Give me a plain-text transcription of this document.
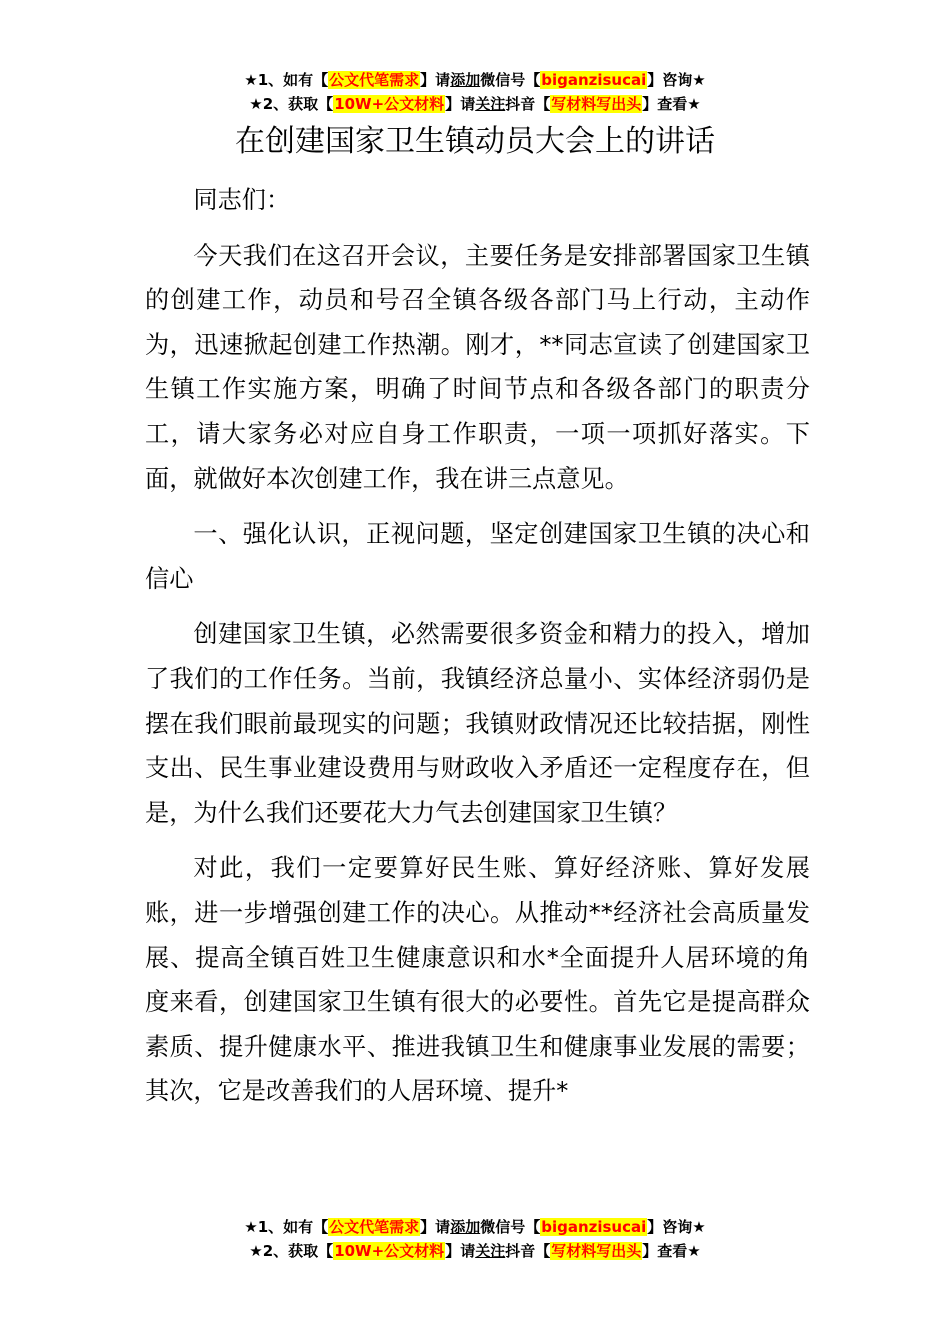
★1、如有【公文代笔需求】请添加微信号【biganzisucai】咨询★
★2、获取【10W+公文材料】请关注抖音【写材料写出头】查看★
在创建国家卫生镇动员大会上的讲话

同志们：

今天我们在这召开会议，主要任务是安排部署国家卫生镇的创建工作，动员和号召全镇各级各部门马上行动，主动作为，迅速掀起创建工作热潮。刚才，**同志宣读了创建国家卫生镇工作实施方案，明确了时间节点和各级各部门的职责分工，请大家务必对应自身工作职责，一项一项抓好落实。下面，就做好本次创建工作，我在讲三点意见。

一、强化认识，正视问题，坚定创建国家卫生镇的决心和信心

创建国家卫生镇，必然需要很多资金和精力的投入，增加了我们的工作任务。当前，我镇经济总量小、实体经济弱仍是摆在我们眼前最现实的问题；我镇财政情况还比较拮据，刚性支出、民生事业建设费用与财政收入矛盾还一定程度存在，但是，为什么我们还要花大力气去创建国家卫生镇？

对此，我们一定要算好民生账、算好经济账、算好发展账，进一步增强创建工作的决心。从推动**经济社会高质量发展、提高全镇百姓卫生健康意识和水*全面提升人居环境的角度来看，创建国家卫生镇有很大的必要性。首先它是提高群众素质、提升健康水平、推进我镇卫生和健康事业发展的需要；其次，它是改善我们的人居环境、提升*

★1、如有【公文代笔需求】请添加微信号【biganzisucai】咨询★
★2、获取【10W+公文材料】请关注抖音【写材料写出头】查看★
